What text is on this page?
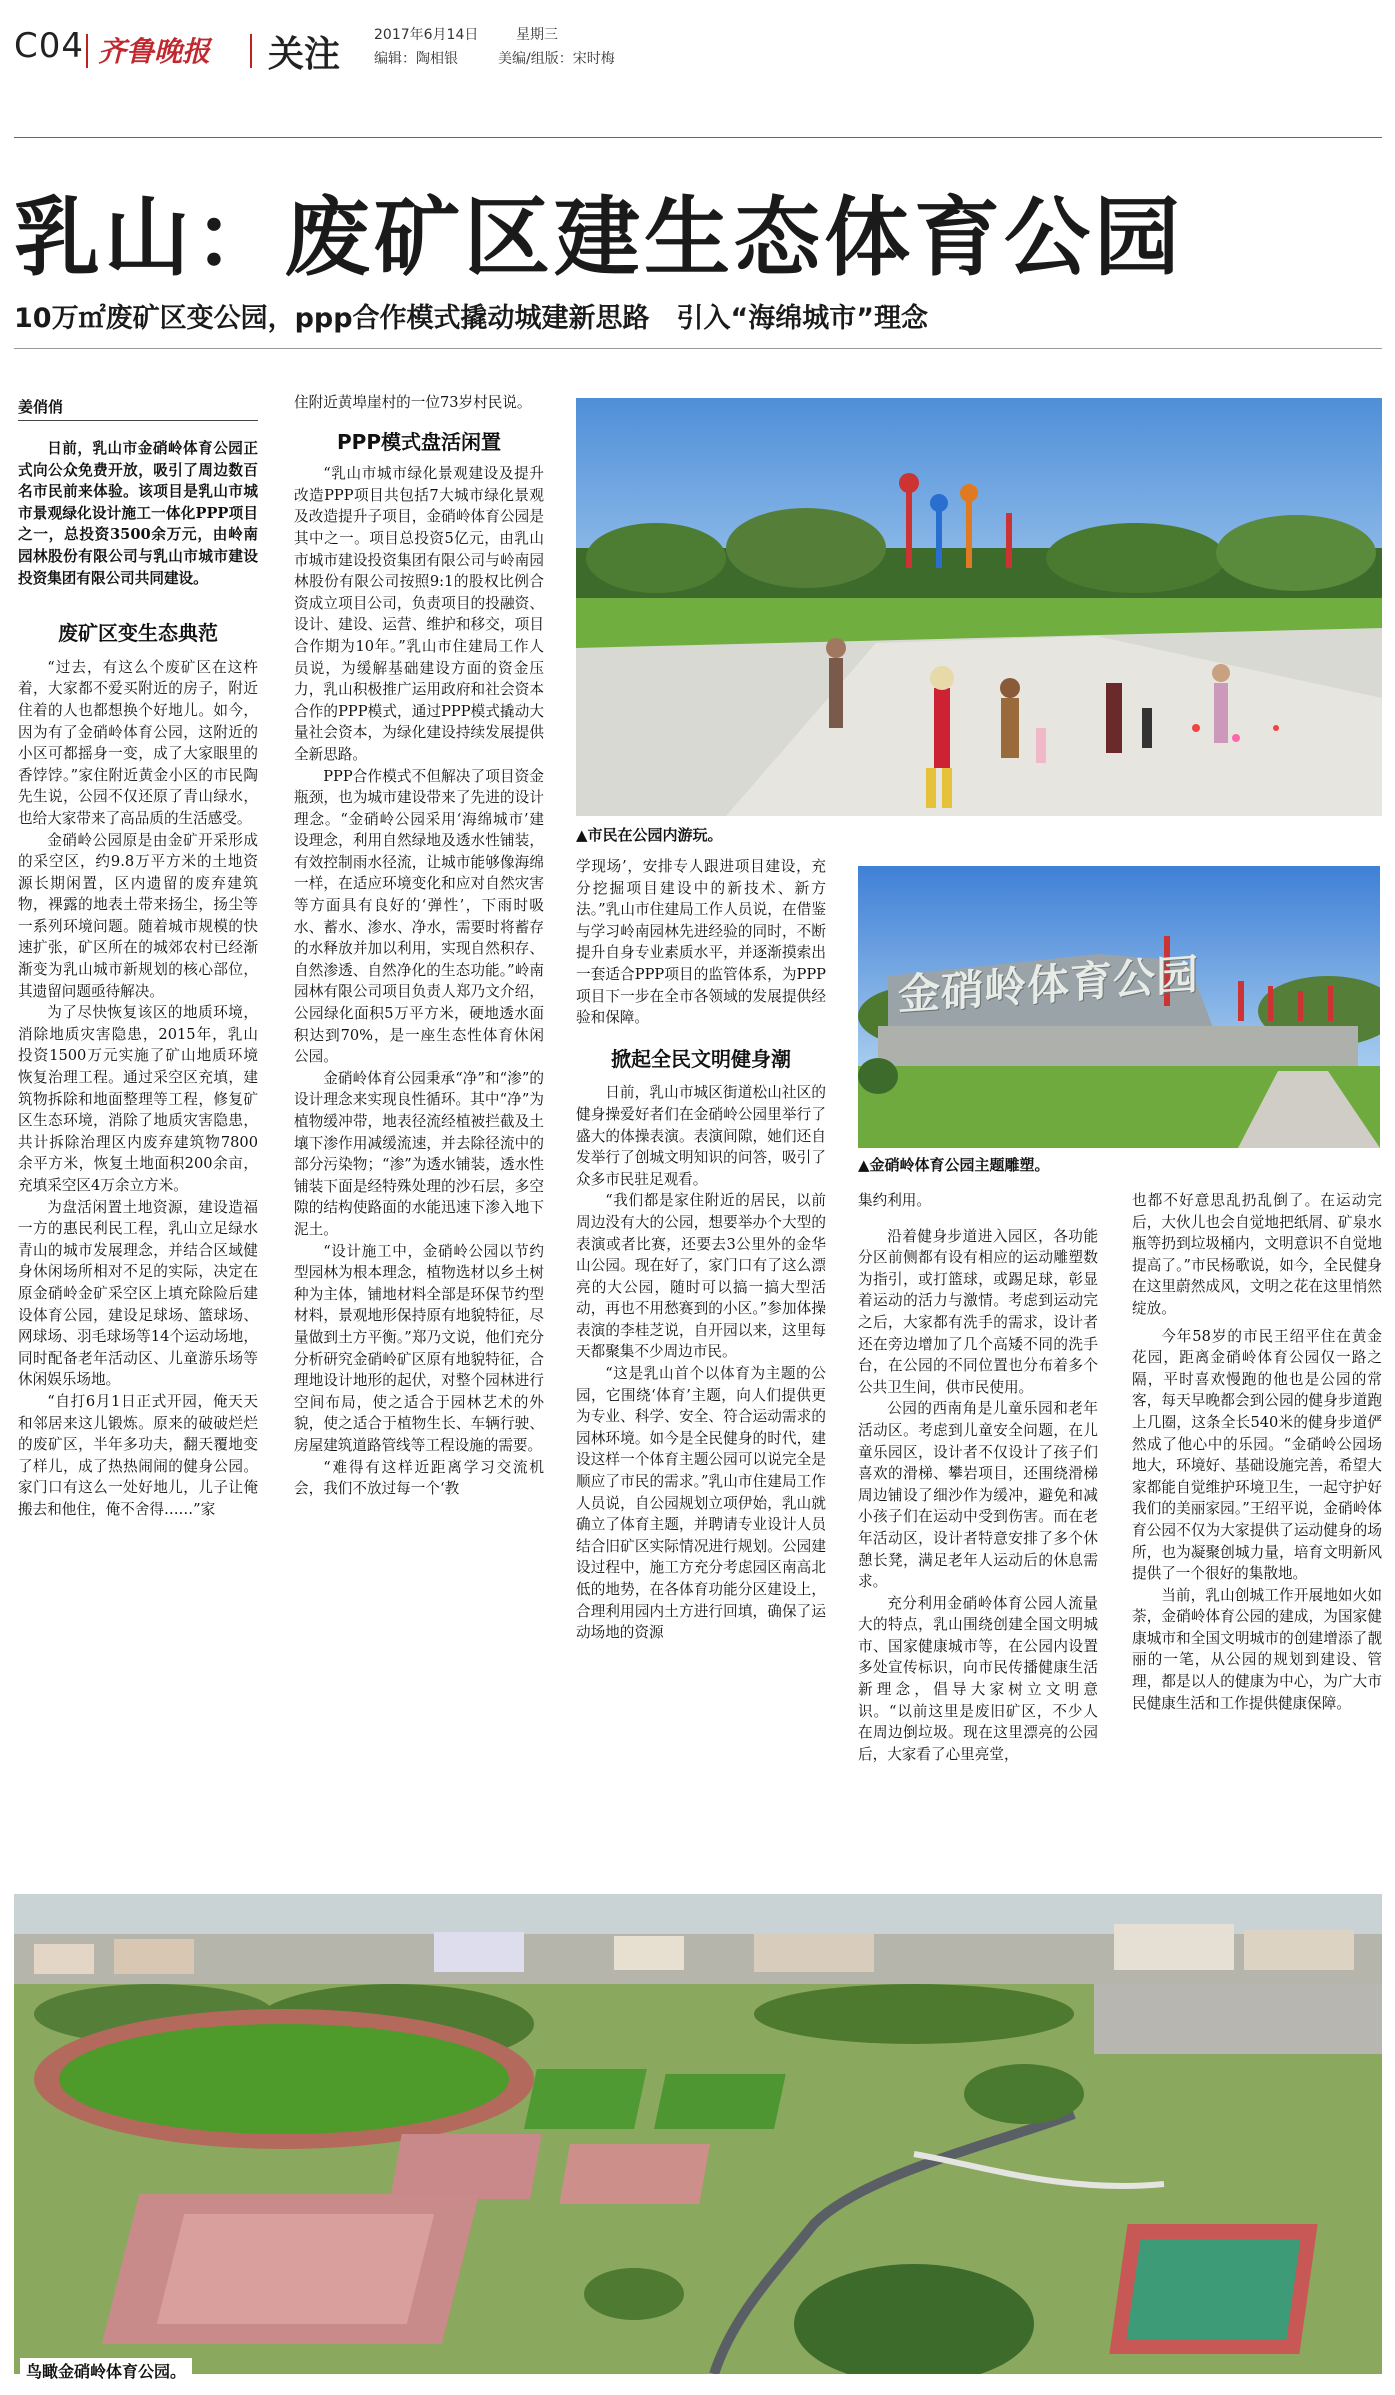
C04 齐鲁晚报 关注 2017年6月14日	星期三
编辑：陶相银	美编/组版：宋时梅
乳山：废矿区建生态体育公园
10万㎡废矿区变公园，ppp合作模式撬动城建新思路　引入“海绵城市”理念
姜俏俏

日前，乳山市金硝岭体育公园正式向公众免费开放，吸引了周边数百名市民前来体验。该项目是乳山市城市景观绿化设计施工一体化PPP项目之一，总投资3500余万元，由岭南园林股份有限公司与乳山市城市建设投资集团有限公司共同建设。

废矿区变生态典范

“过去，有这么个废矿区在这杵着，大家都不爱买附近的房子，附近住着的人也都想换个好地儿。如今，因为有了金硝岭体育公园，这附近的小区可都摇身一变，成了大家眼里的香饽饽。”家住附近黄金小区的市民陶先生说，公园不仅还原了青山绿水，也给大家带来了高品质的生活感受。

金硝岭公园原是由金矿开采形成的采空区，约9.8万平方米的土地资源长期闲置，区内遗留的废弃建筑物，裸露的地表土带来扬尘，扬尘等一系列环境问题。随着城市规模的快速扩张，矿区所在的城郊农村已经渐渐变为乳山城市新规划的核心部位，其遗留问题亟待解决。

为了尽快恢复该区的地质环境，消除地质灾害隐患，2015年，乳山投资1500万元实施了矿山地质环境恢复治理工程。通过采空区充填，建筑物拆除和地面整理等工程，修复矿区生态环境，消除了地质灾害隐患，共计拆除治理区内废弃建筑物7800余平方米，恢复土地面积200余亩，充填采空区4万余立方米。

为盘活闲置土地资源，建设造福一方的惠民利民工程，乳山立足绿水青山的城市发展理念，并结合区域健身休闲场所相对不足的实际，决定在原金硝岭金矿采空区上填充除险后建设体育公园，建设足球场、篮球场、网球场、羽毛球场等14个运动场地，同时配备老年活动区、儿童游乐场等休闲娱乐场地。

“自打6月1日正式开园，俺天天和邻居来这儿锻炼。原来的破破烂烂的废矿区，半年多功夫，翻天覆地变了样儿，成了热热闹闹的健身公园。家门口有这么一处好地儿，儿子让俺搬去和他住，俺不舍得……”家

住附近黄埠崖村的一位73岁村民说。

PPP模式盘活闲置

“乳山市城市绿化景观建设及提升改造PPP项目共包括7大城市绿化景观及改造提升子项目，金硝岭体育公园是其中之一。项目总投资5亿元，由乳山市城市建设投资集团有限公司与岭南园林股份有限公司按照9:1的股权比例合资成立项目公司，负责项目的投融资、设计、建设、运营、维护和移交，项目合作期为10年。”乳山市住建局工作人员说，为缓解基础建设方面的资金压力，乳山积极推广运用政府和社会资本合作的PPP模式，通过PPP模式撬动大量社会资本，为绿化建设持续发展提供全新思路。

PPP合作模式不但解决了项目资金瓶颈，也为城市建设带来了先进的设计理念。“金硝岭公园采用‘海绵城市’建设理念，利用自然绿地及透水性铺装，有效控制雨水径流，让城市能够像海绵一样，在适应环境变化和应对自然灾害等方面具有良好的‘弹性’，下雨时吸水、蓄水、渗水、净水，需要时将蓄存的水释放并加以利用，实现自然积存、自然渗透、自然净化的生态功能。”岭南园林有限公司项目负责人郑乃文介绍，公园绿化面积5万平方米，硬地透水面积达到70%，是一座生态性体育休闲公园。

金硝岭体育公园秉承“净”和“渗”的设计理念来实现良性循环。其中“净”为植物缓冲带，地表径流经植被拦截及土壤下渗作用减缓流速，并去除径流中的部分污染物；“渗”为透水铺装，透水性铺装下面是经特殊处理的沙石层，多空隙的结构使路面的水能迅速下渗入地下泥土。

“设计施工中，金硝岭公园以节约型园林为根本理念，植物选材以乡土树种为主体，铺地材料全部是环保节约型材料，景观地形保持原有地貌特征，尽量做到土方平衡。”郑乃文说，他们充分分析研究金硝岭矿区原有地貌特征，合理地设计地形的起伏，对整个园林进行空间布局，使之适合于园林艺术的外貌，使之适合于植物生长、车辆行驶、房屋建筑道路管线等工程设施的需要。

“难得有这样近距离学习交流机会，我们不放过每一个‘教

▲市民在公园内游玩。

学现场’，安排专人跟进项目建设，充分挖掘项目建设中的新技术、新方法。”乳山市住建局工作人员说，在借鉴与学习岭南园林先进经验的同时，不断提升自身专业素质水平，并逐渐摸索出一套适合PPP项目的监管体系，为PPP项目下一步在全市各领域的发展提供经验和保障。

掀起全民文明健身潮

日前，乳山市城区街道松山社区的健身操爱好者们在金硝岭公园里举行了盛大的体操表演。表演间隙，她们还自发举行了创城文明知识的问答，吸引了众多市民驻足观看。

“我们都是家住附近的居民，以前周边没有大的公园，想要举办个大型的表演或者比赛，还要去3公里外的金华山公园。现在好了，家门口有了这么漂亮的大公园，随时可以搞一搞大型活动，再也不用愁赛到的小区。”参加体操表演的李桂芝说，自开园以来，这里每天都聚集不少周边市民。

“这是乳山首个以体育为主题的公园，它围绕‘体育’主题，向人们提供更为专业、科学、安全、符合运动需求的园林环境。如今是全民健身的时代，建设这样一个体育主题公园可以说完全是顺应了市民的需求。”乳山市住建局工作人员说，自公园规划立项伊始，乳山就确立了体育主题，并聘请专业设计人员结合旧矿区实际情况进行规划。公园建设过程中，施工方充分考虑园区南高北低的地势，在各体育功能分区建设上，合理利用园内土方进行回填，确保了运动场地的资源

金硝岭体育公园
▲金硝岭体育公园主题雕塑。

集约利用。

沿着健身步道进入园区，各功能分区前侧都有设有相应的运动雕塑数为指引，或打篮球，或踢足球，彰显着运动的活力与激情。考虑到运动完之后，大家都有洗手的需求，设计者还在旁边增加了几个高矮不同的洗手台，在公园的不同位置也分布着多个公共卫生间，供市民使用。

公园的西南角是儿童乐园和老年活动区。考虑到儿童安全问题，在儿童乐园区，设计者不仅设计了孩子们喜欢的滑梯、攀岩项目，还围绕滑梯周边铺设了细沙作为缓冲，避免和减小孩子们在运动中受到伤害。而在老年活动区，设计者特意安排了多个休憩长凳，满足老年人运动后的休息需求。

充分利用金硝岭体育公园人流量大的特点，乳山围绕创建全国文明城市、国家健康城市等，在公园内设置多处宣传标识，向市民传播健康生活新理念，倡导大家树立文明意识。“以前这里是废旧矿区，不少人在周边倒垃圾。现在这里漂亮的公园后，大家看了心里亮堂，

也都不好意思乱扔乱倒了。在运动完后，大伙儿也会自觉地把纸屑、矿泉水瓶等扔到垃圾桶内，文明意识不自觉地提高了。”市民杨歌说，如今，全民健身在这里蔚然成风，文明之花在这里悄然绽放。

今年58岁的市民王绍平住在黄金花园，距离金硝岭体育公园仅一路之隔，平时喜欢慢跑的他也是公园的常客，每天早晚都会到公园的健身步道跑上几圈，这条全长540米的健身步道俨然成了他心中的乐园。“金硝岭公园场地大，环境好、基础设施完善，希望大家都能自觉维护环境卫生，一起守护好我们的美丽家园。”王绍平说，金硝岭体育公园不仅为大家提供了运动健身的场所，也为凝聚创城力量，培育文明新风提供了一个很好的集散地。

当前，乳山创城工作开展地如火如荼，金硝岭体育公园的建成，为国家健康城市和全国文明城市的创建增添了靓丽的一笔，从公园的规划到建设、管理，都是以人的健康为中心，为广大市民健康生活和工作提供健康保障。

鸟瞰金硝岭体育公园。
